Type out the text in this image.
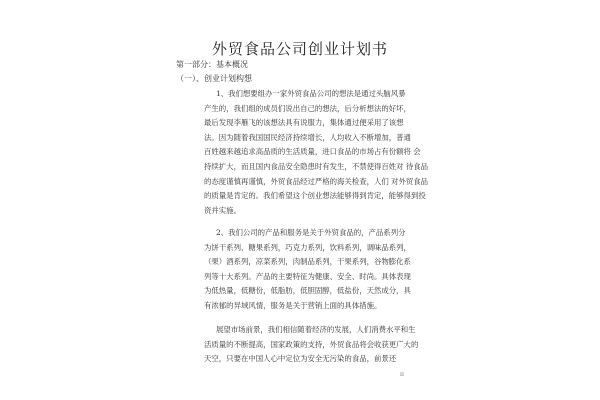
外贸食品公司创业计划书
第一部分：基本概况
（一）、创业计划构想
1、我们想要组办一家外贸食品公司的想法是通过头脑风暴
产生的，我们组的成员们说出自己的想法，后分析想法的好坏，
最后发现李雁飞的该想法具有说服力，集体通过便采用了该想
法。因为随着我国国民经济持续增长，人均收入不断增加，普通
百姓越来越追求高品质的生活质量，进口食品的市场占有份额将 会
持续扩大，而且国内食品安全隐患时有发生，不禁使得百姓对 待食品
的态度谨慎再谨慎，外贸食品经过严格的海关检查，人们 对外贸食品
的质量是肯定的。我们希望这个创业想法能够得到肯定，能够得到投
资并实施。
2、我们公司的产品和服务是关于外贸食品的，产品系列分
为饼干系列、糖果系列，巧克力系列，饮料系列，调味品系列，
（果）酒系列，凉菜系列，肉制品系列，干果系列，谷物膨化系
列等十大系列。产品的主要特征为健康、安全、时尚。具体表现
为低热量，低糖份，低脂肪，低胆固醇，低盐份，天然成分，具
有浓郁的异域风情，服务是关于营销上面的具体措施。
展望市场前景，我们相信随着经济的发展，人们消费水平和生
活质量的不断提高，国家政策的支持，外贸食品将会收获更广大的
天空，只要在中国人心中定位为安全无污染的食品，前景还
II
